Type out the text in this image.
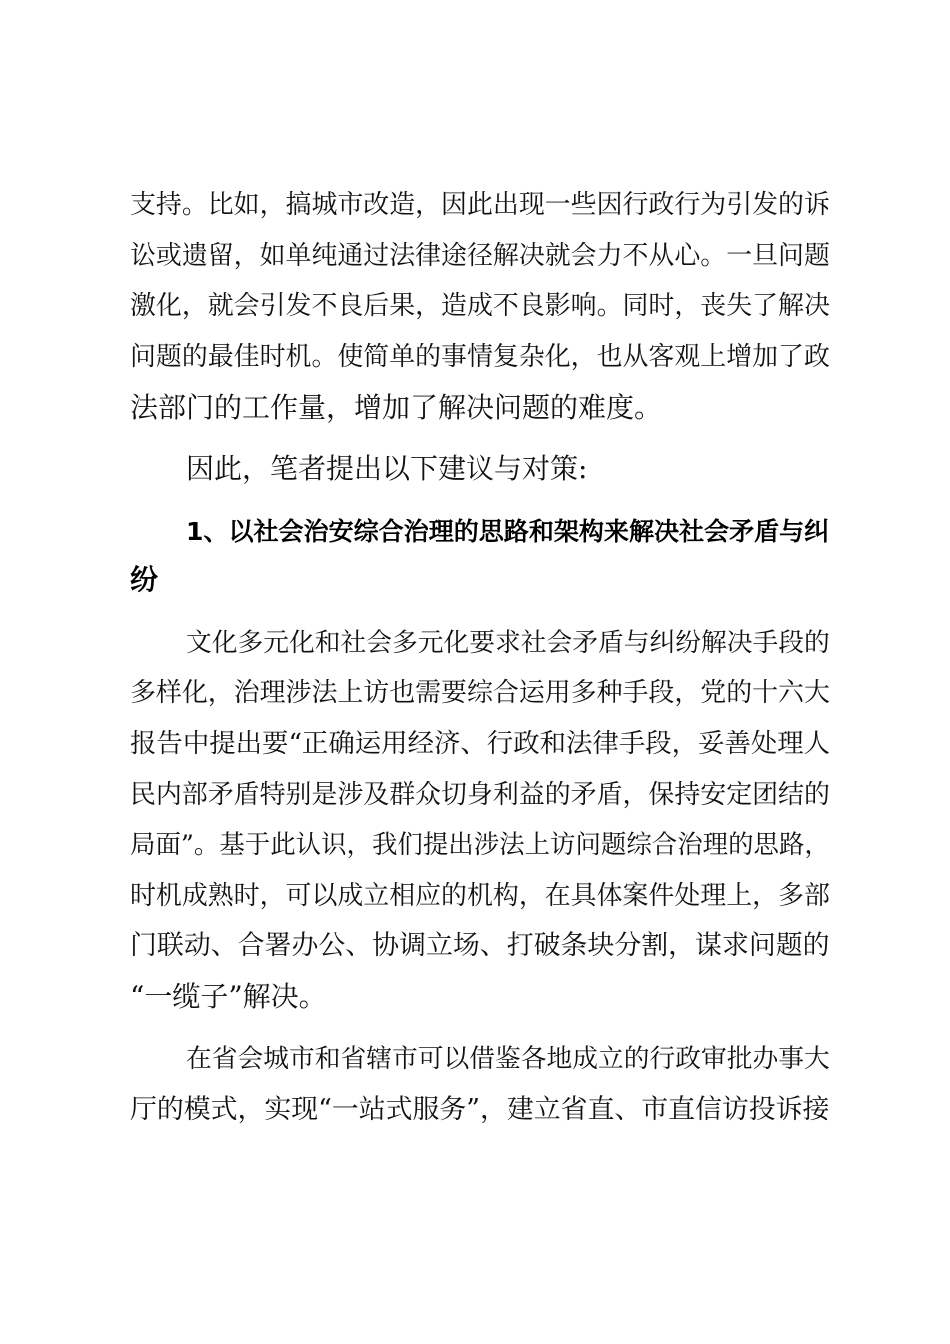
支持。比如，搞城市改造，因此出现一些因行政行为引发的诉
讼或遗留，如单纯通过法律途径解决就会力不从心。一旦问题
激化，就会引发不良后果，造成不良影响。同时，丧失了解决
问题的最佳时机。使简单的事情复杂化，也从客观上增加了政
法部门的工作量，增加了解决问题的难度。
因此，笔者提出以下建议与对策:
1、以社会治安综合治理的思路和架构来解决社会矛盾与纠
纷
文化多元化和社会多元化要求社会矛盾与纠纷解决手段的
多样化，治理涉法上访也需要综合运用多种手段，党的十六大
报告中提出要“正确运用经济、行政和法律手段，妥善处理人
民内部矛盾特别是涉及群众切身利益的矛盾，保持安定团结的
局面”。基于此认识，我们提出涉法上访问题综合治理的思路，
时机成熟时，可以成立相应的机构，在具体案件处理上，多部
门联动、合署办公、协调立场、打破条块分割，谋求问题的
“一缆子”解决。
在省会城市和省辖市可以借鉴各地成立的行政审批办事大
厅的模式，实现“一站式服务”，建立省直、市直信访投诉接
